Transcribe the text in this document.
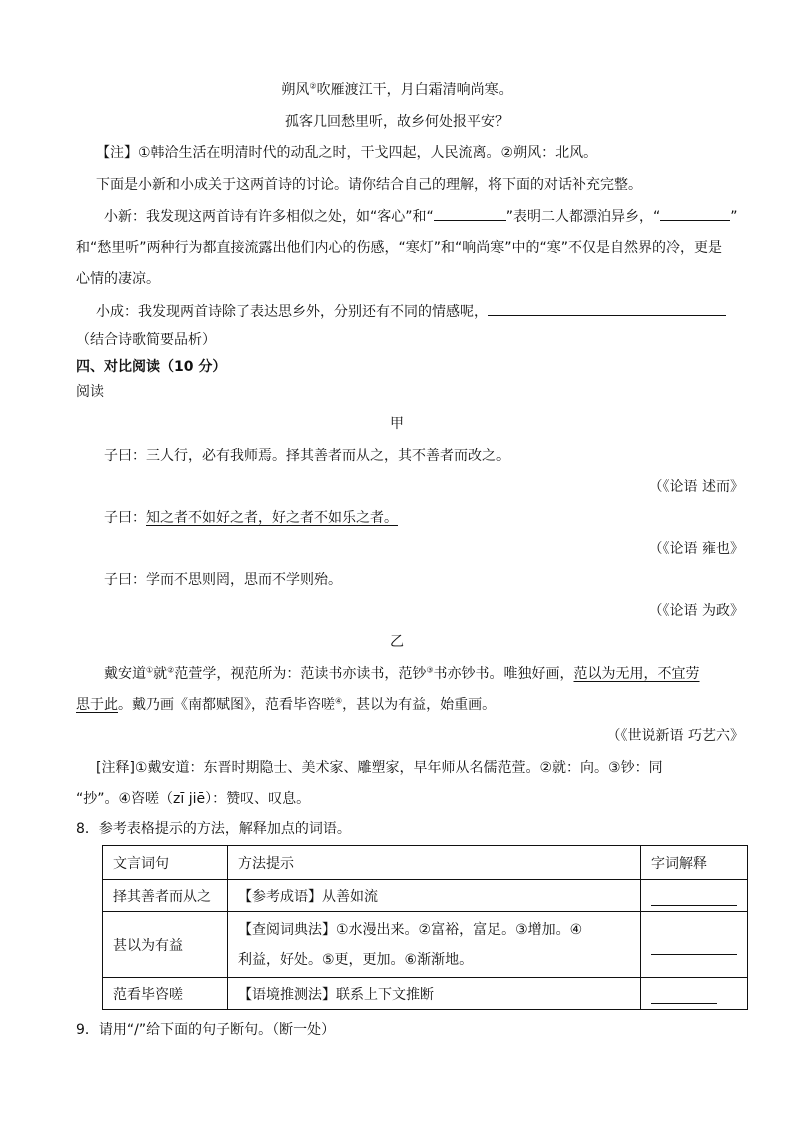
朔风②吹雁渡江干，月白霜清响尚寒。
孤客几回愁里听，故乡何处报平安？
【注】①韩洽生活在明清时代的动乱之时，干戈四起，人民流离。②朔风：北风。
下面是小新和小成关于这两首诗的讨论。请你结合自己的理解，将下面的对话补充完整。
小新：我发现这两首诗有许多相似之处，如“客心”和“	”表明二人都漂泊异乡，“	”
和“愁里听”两种行为都直接流露出他们内心的伤感，“寒灯”和“响尚寒”中的“寒”不仅是自然界的冷，更是
心情的凄凉。
小成：我发现两首诗除了表达思乡外，分别还有不同的情感呢，
（结合诗歌简要品析）
四、对比阅读（10 分）
阅读
甲
子曰：三人行，必有我师焉。择其善者而从之，其不善者而改之。
（《论语 述而》
子曰：知之者不如好之者，好之者不如乐之者。
（《论语 雍也》
子曰：学而不思则罔，思而不学则殆。
（《论语 为政》
乙
戴安道①就②范萱学，视范所为：范读书亦读书，范钞③书亦钞书。唯独好画，范以为无用，不宜劳
思于此。戴乃画《南都赋图》，范看毕咨嗟④，甚以为有益，始重画。
（《世说新语 巧艺六》
[注释]①戴安道：东晋时期隐士、美术家、雕塑家，早年师从名儒范萱。②就：向。③钞：同
“抄”。④咨嗟（zī jiē）：赞叹、叹息。
8．参考表格提示的方法，解释加点的词语。
文言词句	方法提示	字词解释
择其善者而从之	【参考成语】从善如流	

甚以为有益	【查阅词典法】①水漫出来。②富裕，富足。③增加。④
利益，好处。⑤更，更加。⑥渐渐地。	

范看毕咨嗟	【语境推测法】联系上下文推断	
9．请用“/”给下面的句子断句。（断一处）
